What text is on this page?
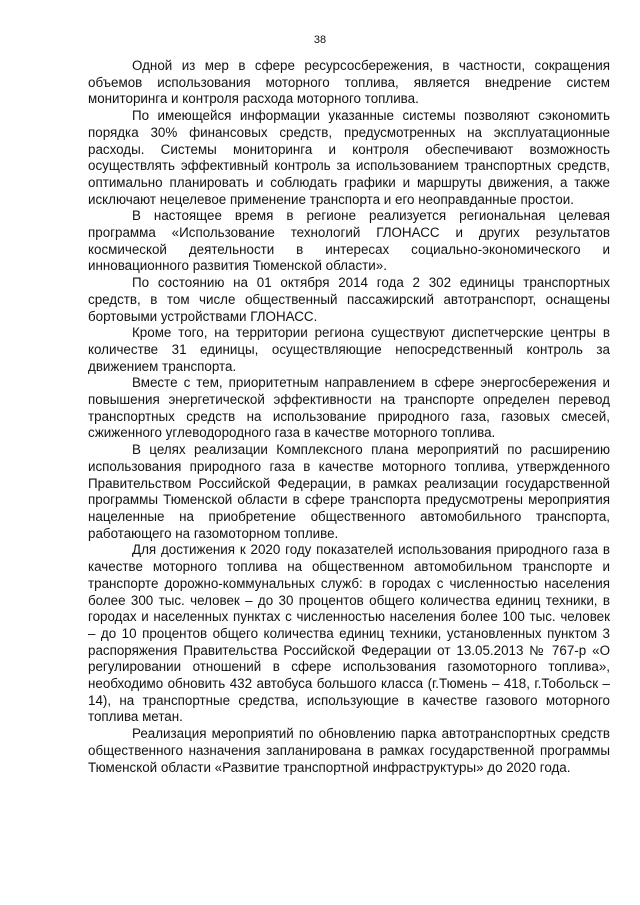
38

Одной из мер в сфере ресурсосбережения, в частности, сокращения объемов использования моторного топлива, является внедрение систем мониторинга и контроля расхода моторного топлива.

По имеющейся информации указанные системы позволяют сэкономить порядка 30% финансовых средств, предусмотренных на эксплуатационные расходы. Системы мониторинга и контроля обеспечивают возможность осуществлять эффективный контроль за использованием транспортных средств, оптимально планировать и соблюдать графики и маршруты движения, а также исключают нецелевое применение транспорта и его неоправданные простои.

В настоящее время в регионе реализуется региональная целевая программа «Использование технологий ГЛОНАСС и других результатов космической деятельности в интересах социально-экономического и инновационного развития Тюменской области».

По состоянию на 01 октября 2014 года 2 302 единицы транспортных средств, в том числе общественный пассажирский автотранспорт, оснащены бортовыми устройствами ГЛОНАСС.

Кроме того, на территории региона существуют диспетчерские центры в количестве 31 единицы, осуществляющие непосредственный контроль за движением транспорта.

Вместе с тем, приоритетным направлением в сфере энергосбережения и повышения энергетической эффективности на транспорте определен перевод транспортных средств на использование природного газа, газовых смесей, сжиженного углеводородного газа в качестве моторного топлива.

В целях реализации Комплексного плана мероприятий по расширению использования природного газа в качестве моторного топлива, утвержденного Правительством Российской Федерации, в рамках реализации государственной программы Тюменской области в сфере транспорта предусмотрены мероприятия нацеленные на приобретение общественного автомобильного транспорта, работающего на газомоторном топливе.

Для достижения к 2020 году показателей использования природного газа в качестве моторного топлива на общественном автомобильном транспорте и транспорте дорожно-коммунальных служб: в городах с численностью населения более 300 тыс. человек – до 30 процентов общего количества единиц техники, в городах и населенных пунктах с численностью населения более 100 тыс. человек – до 10 процентов общего количества единиц техники, установленных пунктом 3 распоряжения Правительства Российской Федерации от 13.05.2013 № 767-р «О регулировании отношений в сфере использования газомоторного топлива», необходимо обновить 432 автобуса большого класса (г.Тюмень – 418, г.Тобольск – 14), на транспортные средства, использующие в качестве газового моторного топлива метан.

Реализация мероприятий по обновлению парка автотранспортных средств общественного назначения запланирована в рамках государственной программы Тюменской области «Развитие транспортной инфраструктуры» до 2020 года.
